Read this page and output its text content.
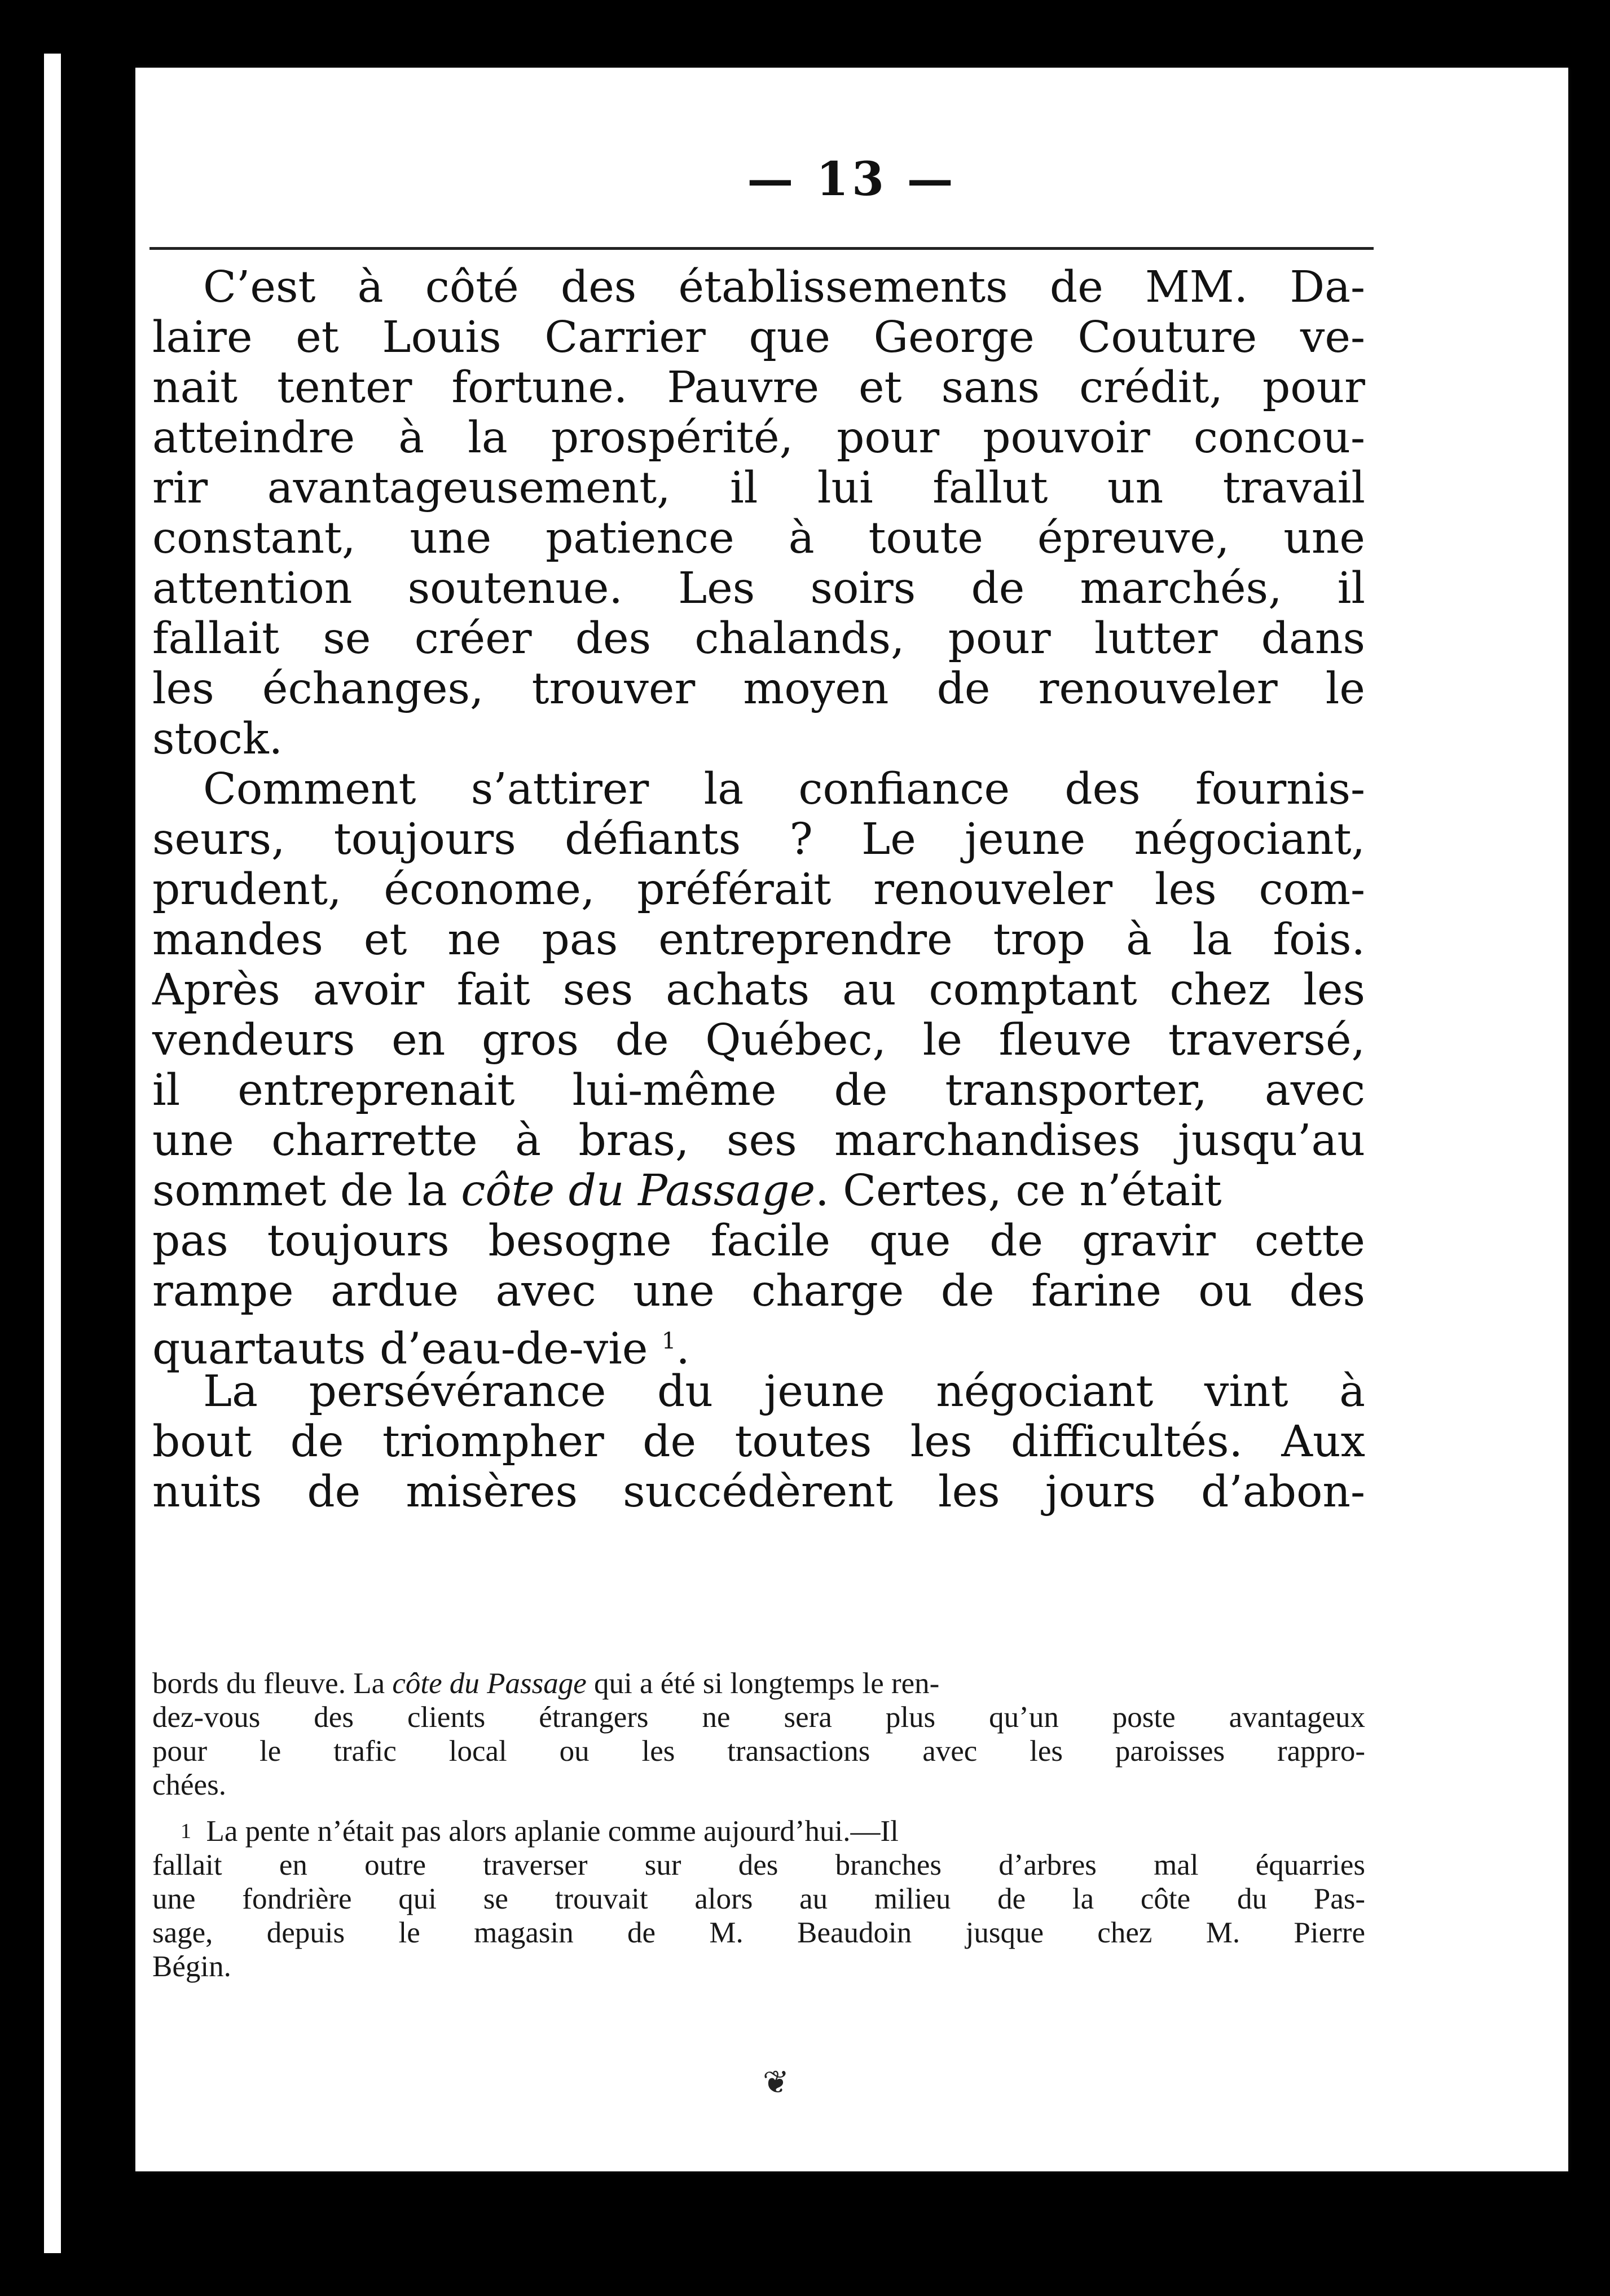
— 13 —
C’est à côté des établissements de MM. Da-
laire et Louis Carrier que George Couture ve-
nait tenter fortune. Pauvre et sans crédit, pour
atteindre à la prospérité, pour pouvoir concou-
rir avantageusement, il lui fallut un travail
constant, une patience à toute épreuve, une
attention soutenue. Les soirs de marchés, il
fallait se créer des chalands, pour lutter dans
les échanges, trouver moyen de renouveler le
stock.
Comment s’attirer la confiance des fournis-
seurs, toujours défiants ? Le jeune négociant,
prudent, économe, préférait renouveler les com-
mandes et ne pas entreprendre trop à la fois.
Après avoir fait ses achats au comptant chez les
vendeurs en gros de Québec, le fleuve traversé,
il entreprenait lui-même de transporter, avec
une charrette à bras, ses marchandises jusqu’au
sommet de la côte du Passage. Certes, ce n’était
pas toujours besogne facile que de gravir cette
rampe ardue avec une charge de farine ou des
quartauts d’eau-de-vie $^1$.
La persévérance du jeune négociant vint à
bout de triompher de toutes les difficultés. Aux
nuits de misères succédèrent les jours d’abon-
bords du fleuve. La côte du Passage qui a été si longtemps le ren-
dez-vous des clients étrangers ne sera plus qu’un poste avantageux
pour le trafic local ou les transactions avec les paroisses rappro-
chées.
$^1$ La pente n’était pas alors aplanie comme aujourd’hui.—Il
fallait en outre traverser sur des branches d’arbres mal équarries
une fondrière qui se trouvait alors au milieu de la côte du Pas-
sage, depuis le magasin de M. Beaudoin jusque chez M. Pierre
Bégin.
❦
